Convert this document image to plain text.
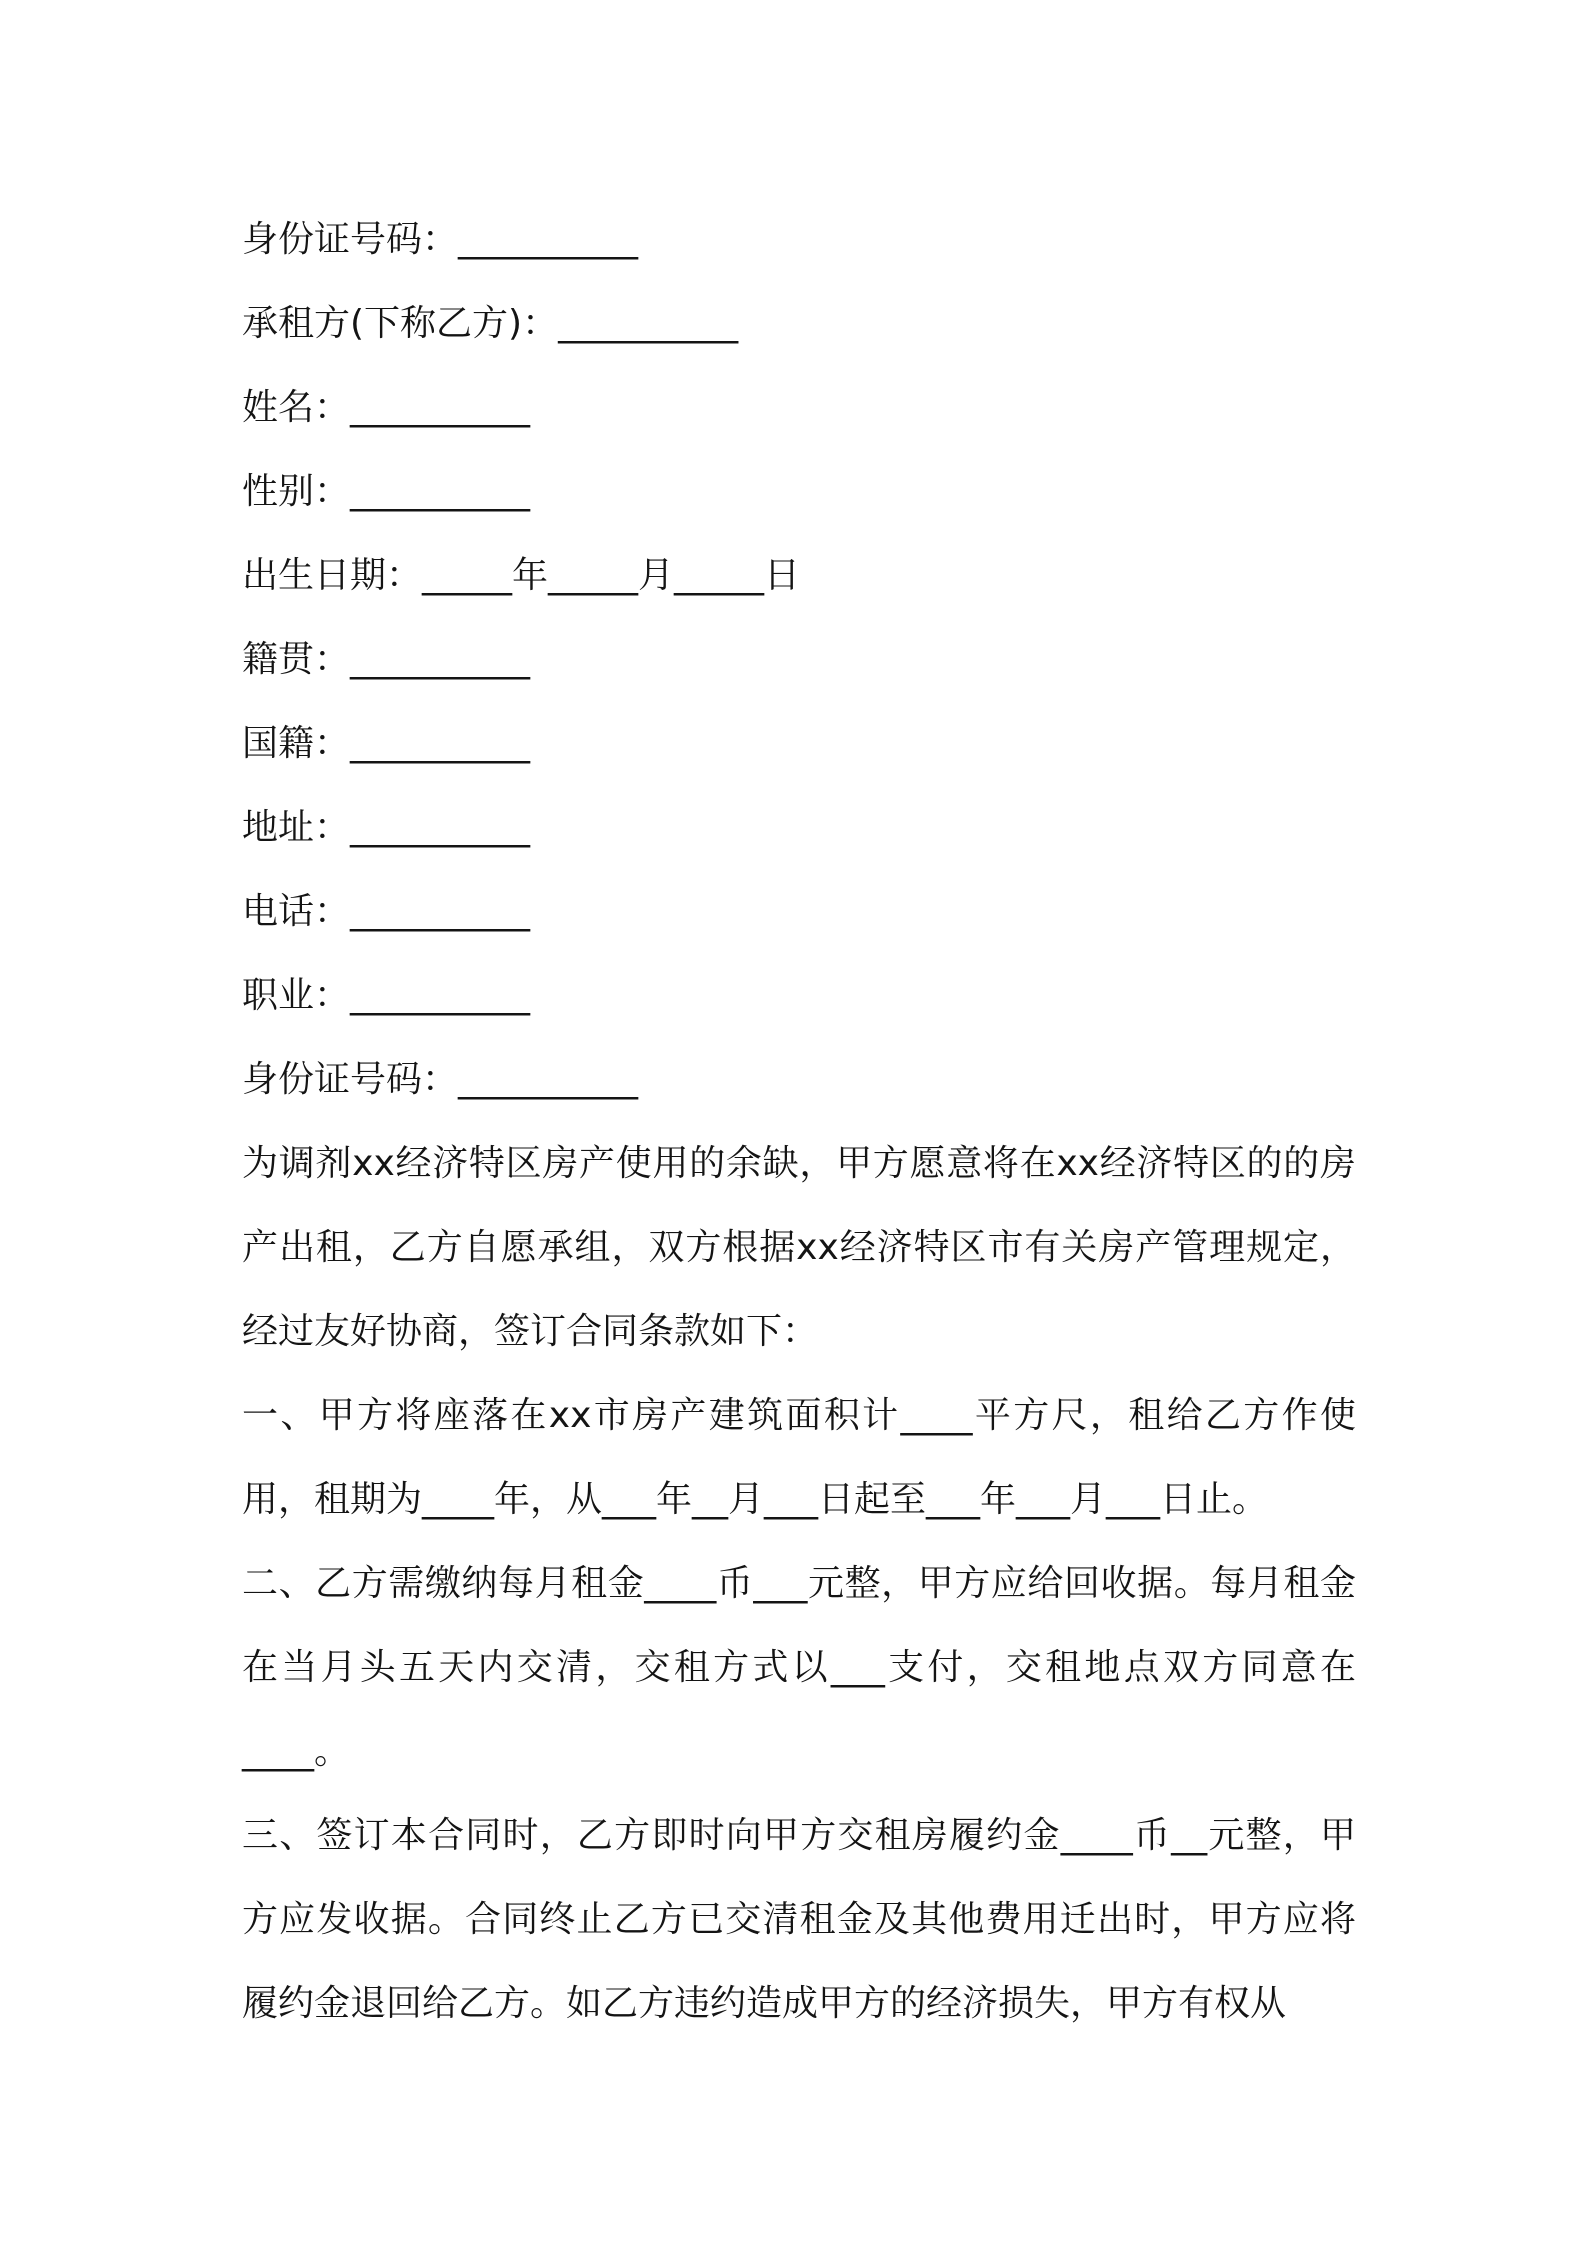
身份证号码：__________

承租方(下称乙方)：__________

姓名：__________

性别：__________

出生日期：_____年_____月_____日

籍贯：__________

国籍：__________

地址：__________

电话：__________

职业：__________

身份证号码：__________

为调剂xx经济特区房产使用的余缺，甲方愿意将在xx经济特区的的房产出租，乙方自愿承组，双方根据xx经济特区市有关房产管理规定，经过友好协商，签订合同条款如下：

一、甲方将座落在xx市房产建筑面积计____平方尺，租给乙方作使用，租期为____年，从___年__月___日起至___年___月___日止。

二、乙方需缴纳每月租金____币___元整，甲方应给回收据。每月租金在当月头五天内交清，交租方式以___支付，交租地点双方同意在____。

三、签订本合同时，乙方即时向甲方交租房履约金____币__元整，甲方应发收据。合同终止乙方已交清租金及其他费用迁出时，甲方应将履约金退回给乙方。如乙方违约造成甲方的经济损失，甲方有权从
